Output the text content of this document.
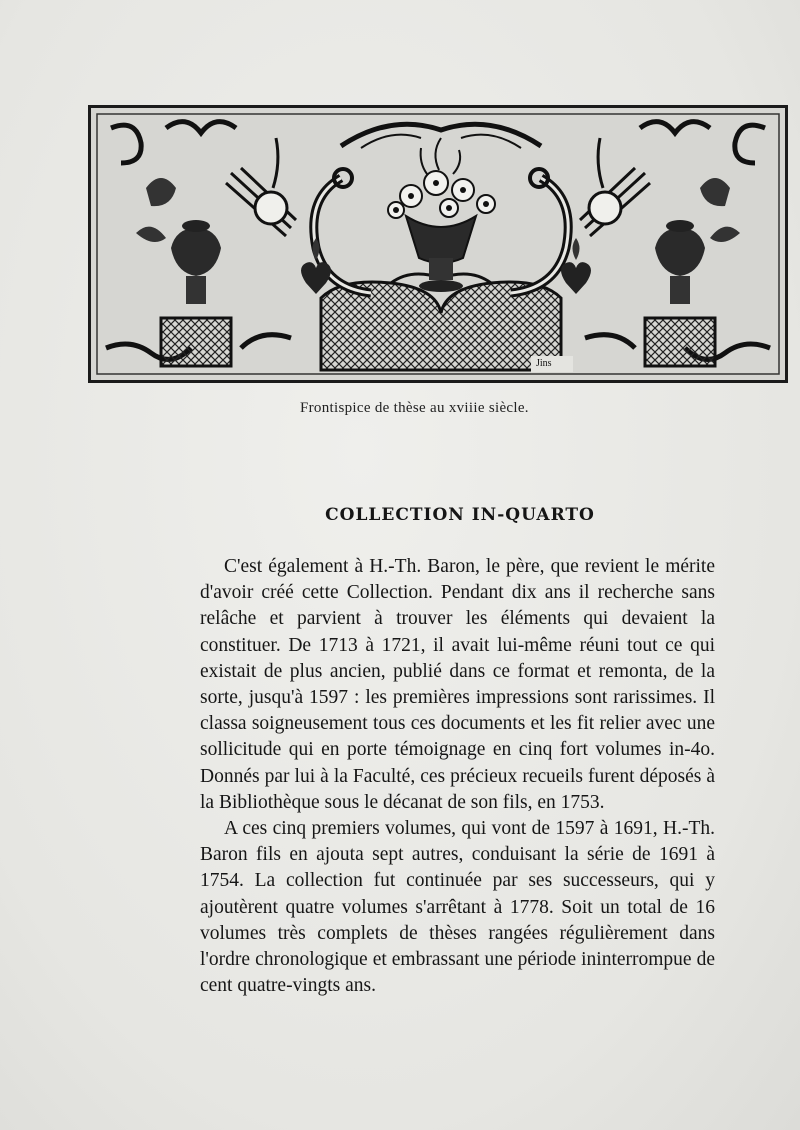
Jins
Frontispice de thèse au xviiie siècle.
COLLECTION IN-QUARTO

C'est également à H.-Th. Baron, le père, que revient le mérite d'avoir créé cette Collection. Pendant dix ans il recherche sans relâche et parvient à trouver les éléments qui devaient la constituer. De 1713 à 1721, il avait lui-même réuni tout ce qui existait de plus ancien, publié dans ce format et remonta, de la sorte, jusqu'à 1597 : les premières impressions sont rarissimes. Il classa soigneusement tous ces documents et les fit relier avec une sollicitude qui en porte témoignage en cinq fort volumes in-4o. Donnés par lui à la Faculté, ces précieux recueils furent déposés à la Bibliothèque sous le décanat de son fils, en 1753.

A ces cinq premiers volumes, qui vont de 1597 à 1691, H.-Th. Baron fils en ajouta sept autres, conduisant la série de 1691 à 1754. La collection fut continuée par ses successeurs, qui y ajoutèrent quatre volumes s'arrêtant à 1778. Soit un total de 16 volumes très complets de thèses rangées régulièrement dans l'ordre chronologique et embrassant une période ininterrompue de cent quatre-vingts ans.
